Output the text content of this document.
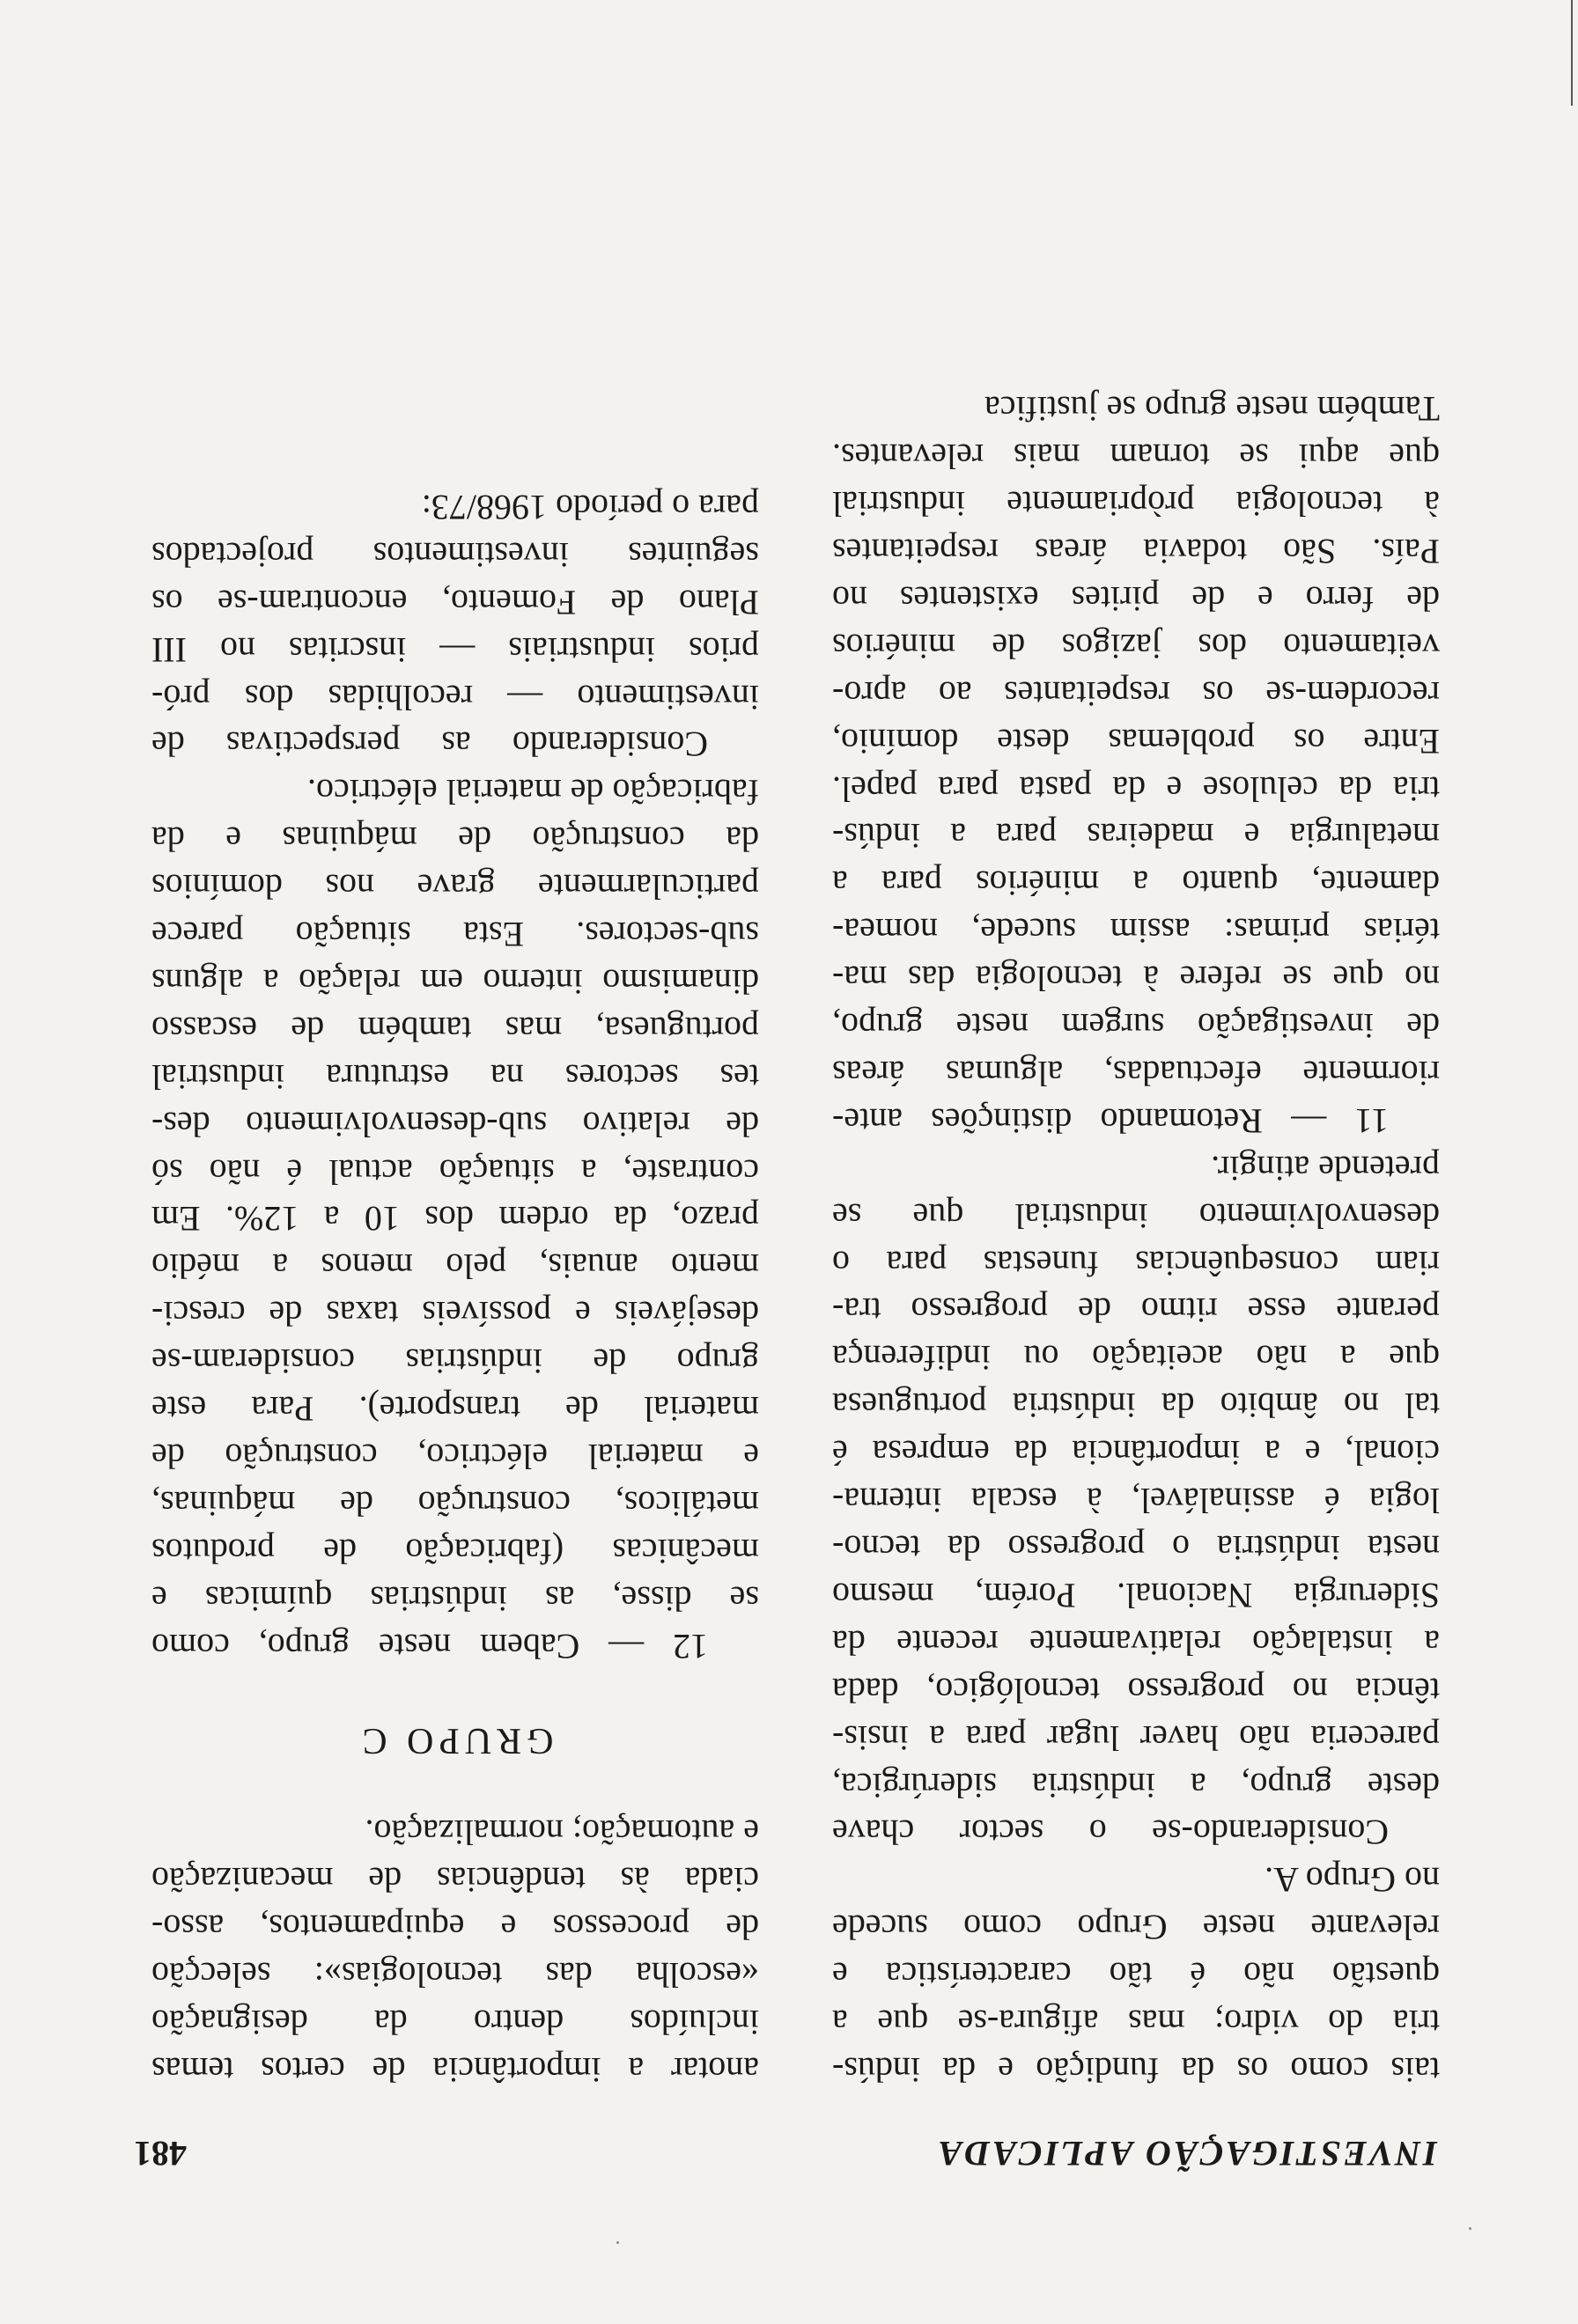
INVESTIGAÇÃO APLICADA
481

tais como os da fundição e da indús-
tria do vidro; mas afigura-se que a
questão não é tão característica e
relevante neste Grupo como sucede
no Grupo A.

Considerando-se o sector chave
deste grupo, a indústria siderúrgica,
pareceria não haver lugar para a insis-
tência no progresso tecnológico, dada
a instalação relativamente recente da
Siderurgia Nacional. Porém, mesmo
nesta indústria o progresso da tecno-
logia é assinalável, à escala interna-
cional, e a importância da empresa é
tal no âmbito da indústria portuguesa
que a não aceitação ou indiferença
perante esse ritmo de progresso tra-
riam consequências funestas para o
desenvolvimento industrial que se
pretende atingir.

11 — Retomando distinções ante-
riormente efectuadas, algumas áreas
de investigação surgem neste grupo,
no que se refere à tecnologia das ma-
térias primas: assim sucede, nomea-
damente, quanto a minérios para a
metalurgia e madeiras para a indús-
tria da celulose e da pasta para papel.
Entre os problemas deste domínio,
recordem-se os respeitantes ao apro-
veitamento dos jazigos de minérios
de ferro e de pirites existentes no
País. São todavia áreas respeitantes
à tecnologia pròpriamente industrial
que aqui se tornam mais relevantes.
Também neste grupo se justifica

anotar a importância de certos temas
incluídos dentro da designação
«escolha das tecnologias»: selecção
de processos e equipamentos, asso-
ciada às tendências de mecanização
e automação; normalização.

GRUPO C

12 — Cabem neste grupo, como
se disse, as indústrias químicas e
mecânicas (fabricação de produtos
metálicos, construção de máquinas,
e material eléctrico, construção de
material de transporte). Para este
grupo de indústrias consideram-se
desejáveis e possíveis taxas de cresci-
mento anuais, pelo menos a médio
prazo, da ordem dos 10 a 12%. Em
contraste, a situação actual é não só
de relativo sub-desenvolvimento des-
tes sectores na estrutura industrial
portuguesa, mas também de escasso
dinamismo interno em relação a alguns
sub-sectores. Esta situação parece
particularmente grave nos domínios
da construção de máquinas e da
fabricação de material eléctrico.

Considerando as perspectivas de
investimento — recolhidas dos pró-
prios industriais — inscritas no III
Plano de Fomento, encontram-se os
seguintes investimentos projectados
para o período 1968/73:
